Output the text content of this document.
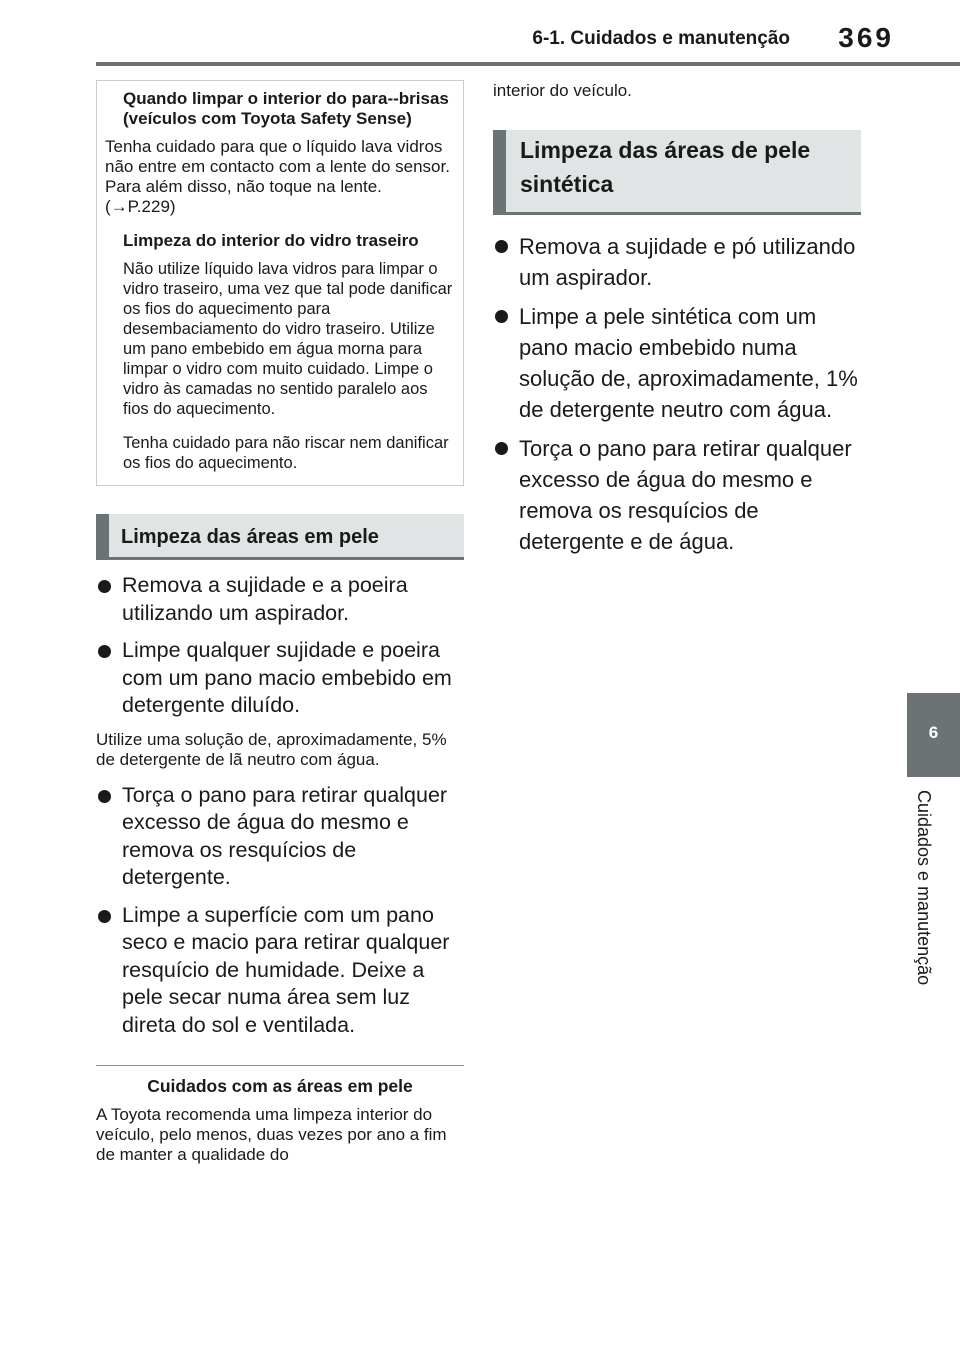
6-1. Cuidados e manutenção 369
6
Cuidados e manutenção
Quando limpar o interior do para--brisas (veículos com Toyota Safety Sense)
Tenha cuidado para que o líquido lava vidros não entre em contacto com a lente do sensor. Para além disso, não toque na lente. (→P.229)
Limpeza do interior do vidro traseiro
Não utilize líquido lava vidros para limpar o vidro traseiro, uma vez que tal pode danificar os fios do aquecimento para desembaciamento do vidro traseiro. Utilize um pano embebido em água morna para limpar o vidro com muito cuidado. Limpe o vidro às camadas no sentido paralelo aos fios do aquecimento.
Tenha cuidado para não riscar nem danificar os fios do aquecimento.
Limpeza das áreas em pele
Remova a sujidade e a poeira utilizando um aspirador.
Limpe qualquer sujidade e poeira com um pano macio embebido em detergente diluído.
Utilize uma solução de, aproximadamente, 5% de detergente de lã neutro com água.
Torça o pano para retirar qualquer excesso de água do mesmo e remova os resquícios de detergente.
Limpe a superfície com um pano seco e macio para retirar qualquer resquício de humidade. Deixe a pele secar numa área sem luz direta do sol e ventilada.
Cuidados com as áreas em pele
A Toyota recomenda uma limpeza interior do veículo, pelo menos, duas vezes por ano a fim de manter a qualidade do
interior do veículo.
Limpeza das áreas de pele sintética
Remova a sujidade e pó utilizando um aspirador.
Limpe a pele sintética com um pano macio embebido numa solução de, aproximadamente, 1% de detergente neutro com água.
Torça o pano para retirar qualquer excesso de água do mesmo e remova os resquícios de detergente e de água.
